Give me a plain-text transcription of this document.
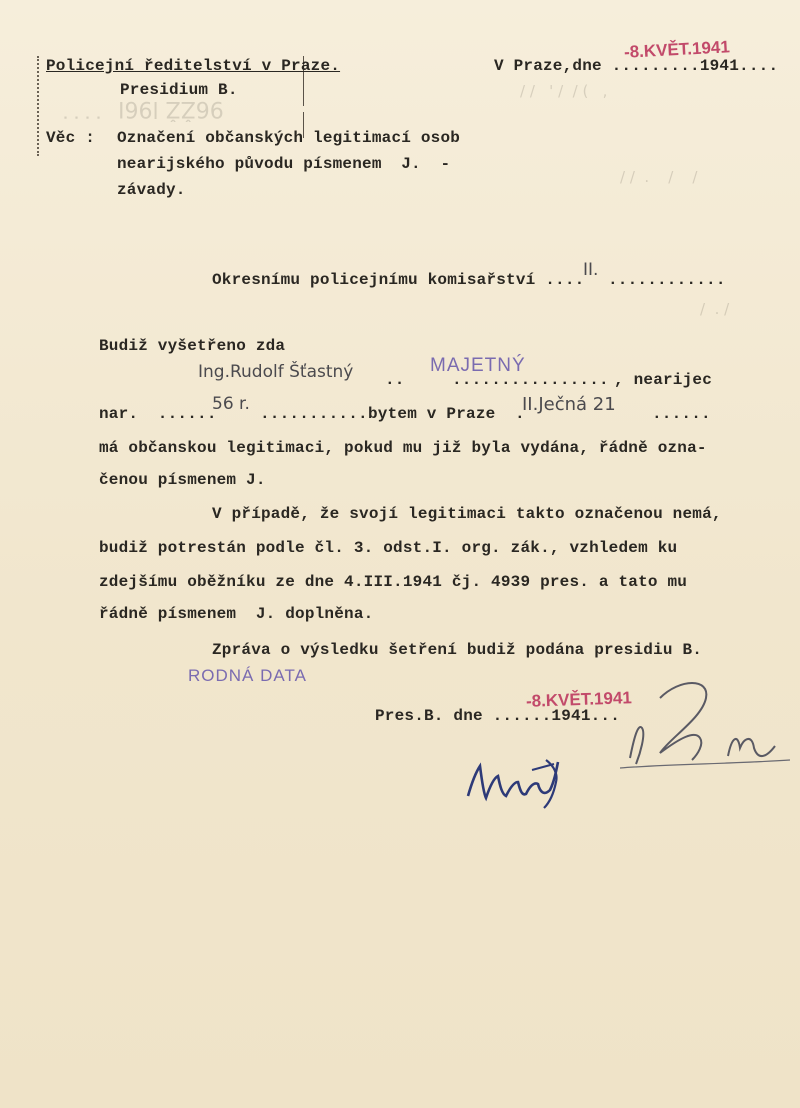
96ŽŽ l96I  ˙˙˙˙
/ /   ' /  / (   ,
/ /  .    /    /
/  . /
Policejní ředitelství v Praze.
Presidium B.
V Praze,dne .........1941....
-8.KVĚT.1941
Věc : Označení občanských legitimací osob
nearijského původu písmenem  J.  -
závady.
Okresnímu policejnímu komisařství ....
II. ............
Budiž vyšetřeno zda
Ing.Rudolf Šťastný ..
MAJETNÝ
................ , nearijec
nar.  ......
56 r. ........... bytem v Praze  .
II.Ječná 21 ......
má občanskou legitimaci, pokud mu již byla vydána, řádně ozna-
čenou písmenem J.
V případě, že svojí legitimaci takto označenou nemá,
budiž potrestán podle čl. 3. odst.I. org. zák., vzhledem ku
zdejšímu oběžníku ze dne 4.III.1941 čj. 4939 pres. a tato mu
řádně písmenem  J. doplněna.
Zpráva o výsledku šetření budiž podána presidiu B.
RODNÁ DATA
Pres.B. dne ......1941...
-8.KVĚT.1941
